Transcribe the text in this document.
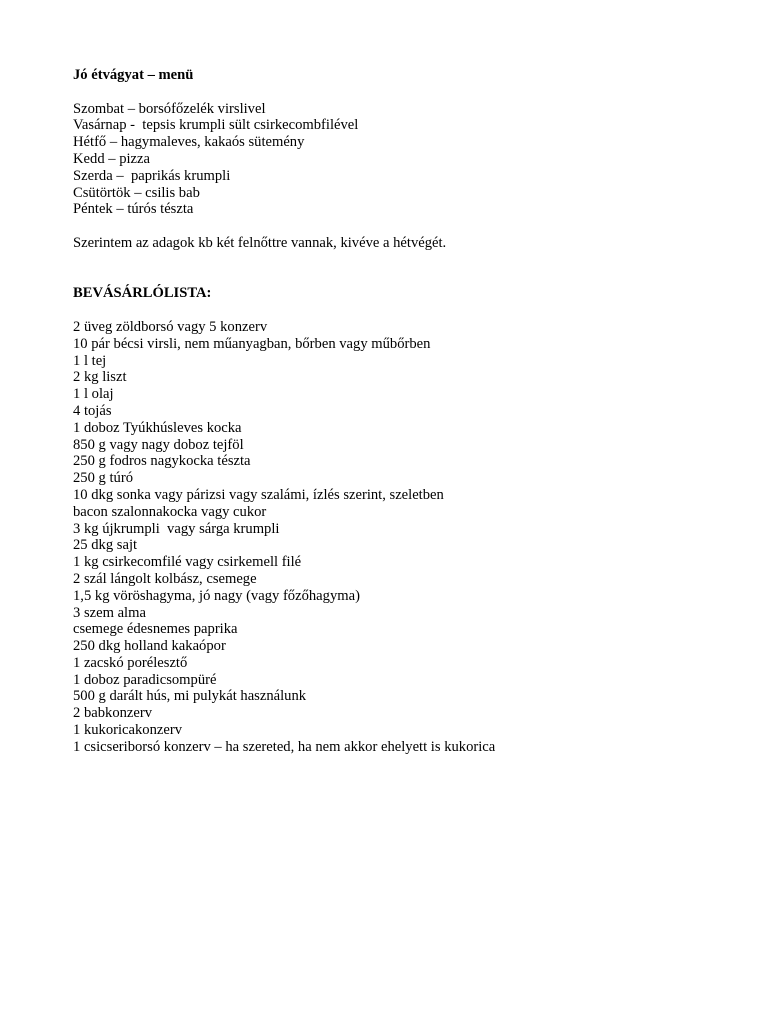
Jó étvágyat – menü
Szombat – borsófőzelék virslivel
Vasárnap -  tepsis krumpli sült csirkecombfilével
Hétfő – hagymaleves, kakaós sütemény
Kedd – pizza
Szerda –  paprikás krumpli
Csütörtök – csilis bab
Péntek – túrós tészta
Szerintem az adagok kb két felnőttre vannak, kivéve a hétvégét.
BEVÁSÁRLÓLISTA:
2 üveg zöldborsó vagy 5 konzerv
10 pár bécsi virsli, nem műanyagban, bőrben vagy műbőrben
1 l tej
2 kg liszt
1 l olaj
4 tojás
1 doboz Tyúkhúsleves kocka
850 g vagy nagy doboz tejföl
250 g fodros nagykocka tészta
250 g túró
10 dkg sonka vagy párizsi vagy szalámi, ízlés szerint, szeletben
bacon szalonnakocka vagy cukor
3 kg újkrumpli  vagy sárga krumpli
25 dkg sajt
1 kg csirkecomfilé vagy csirkemell filé
2 szál lángolt kolbász, csemege
1,5 kg vöröshagyma, jó nagy (vagy főzőhagyma)
3 szem alma
csemege édesnemes paprika
250 dkg holland kakaópor
1 zacskó porélesztő
1 doboz paradicsompüré
500 g darált hús, mi pulykát használunk
2 babkonzerv
1 kukoricakonzerv
1 csicseriborsó konzerv – ha szereted, ha nem akkor ehelyett is kukorica
